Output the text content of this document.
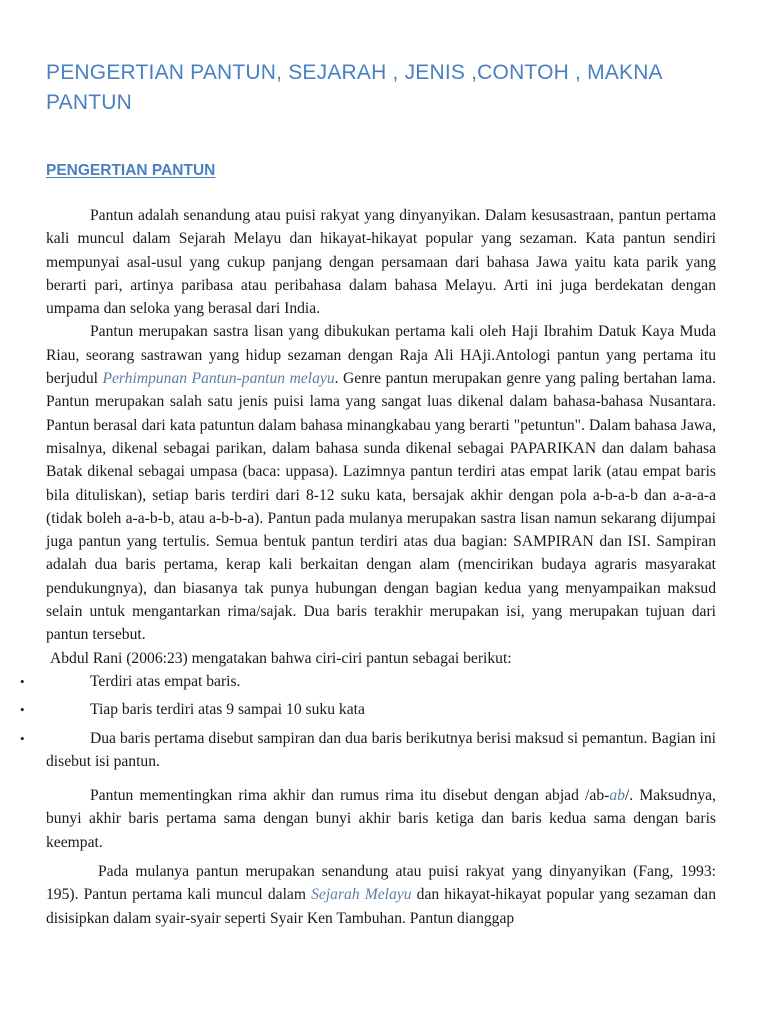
PENGERTIAN PANTUN, SEJARAH , JENIS ,CONTOH , MAKNA PANTUN
PENGERTIAN PANTUN

Pantun adalah senandung atau puisi rakyat yang dinyanyikan. Dalam kesusastraan, pantun pertama kali muncul dalam Sejarah Melayu dan hikayat-hikayat popular yang sezaman. Kata pantun sendiri mempunyai asal-usul yang cukup panjang dengan persamaan dari bahasa Jawa yaitu kata parik yang berarti pari, artinya paribasa atau peribahasa dalam bahasa Melayu. Arti ini juga berdekatan dengan umpama dan seloka yang berasal dari India.

Pantun merupakan sastra lisan yang dibukukan pertama kali oleh Haji Ibrahim Datuk Kaya Muda Riau, seorang sastrawan yang hidup sezaman dengan Raja Ali HAji.Antologi pantun yang pertama itu berjudul Perhimpunan Pantun-pantun melayu. Genre pantun merupakan genre yang paling bertahan lama. Pantun merupakan salah satu jenis puisi lama yang sangat luas dikenal dalam bahasa-bahasa Nusantara. Pantun berasal dari kata patuntun dalam bahasa minangkabau yang berarti "petuntun". Dalam bahasa Jawa, misalnya, dikenal sebagai parikan, dalam bahasa sunda dikenal sebagai PAPARIKAN dan dalam bahasa Batak dikenal sebagai umpasa (baca: uppasa). Lazimnya pantun terdiri atas empat larik (atau empat baris bila dituliskan), setiap baris terdiri dari 8-12 suku kata, bersajak akhir dengan pola a-b-a-b dan a-a-a-a (tidak boleh a-a-b-b, atau a-b-b-a). Pantun pada mulanya merupakan sastra lisan namun sekarang dijumpai juga pantun yang tertulis. Semua bentuk pantun terdiri atas dua bagian: SAMPIRAN dan ISI. Sampiran adalah dua baris pertama, kerap kali berkaitan dengan alam (mencirikan budaya agraris masyarakat pendukungnya), dan biasanya tak punya hubungan dengan bagian kedua yang menyampaikan maksud selain untuk mengantarkan rima/sajak. Dua baris terakhir merupakan isi, yang merupakan tujuan dari pantun tersebut.

Abdul Rani (2006:23) mengatakan bahwa ciri-ciri pantun sebagai berikut:

•	Terdiri atas empat baris.
•	Tiap baris terdiri atas 9 sampai 10 suku kata
•	Dua baris pertama disebut sampiran dan dua baris berikutnya berisi maksud si pemantun. Bagian ini disebut isi pantun.

Pantun mementingkan rima akhir dan rumus rima itu disebut dengan abjad /ab-ab/. Maksudnya, bunyi akhir baris pertama sama dengan bunyi akhir baris ketiga dan baris kedua sama dengan baris keempat.

Pada mulanya pantun merupakan senandung atau puisi rakyat yang dinyanyikan (Fang, 1993: 195). Pantun pertama kali muncul dalam Sejarah Melayu dan hikayat-hikayat popular yang sezaman dan disisipkan dalam syair-syair seperti Syair Ken Tambuhan. Pantun dianggap
